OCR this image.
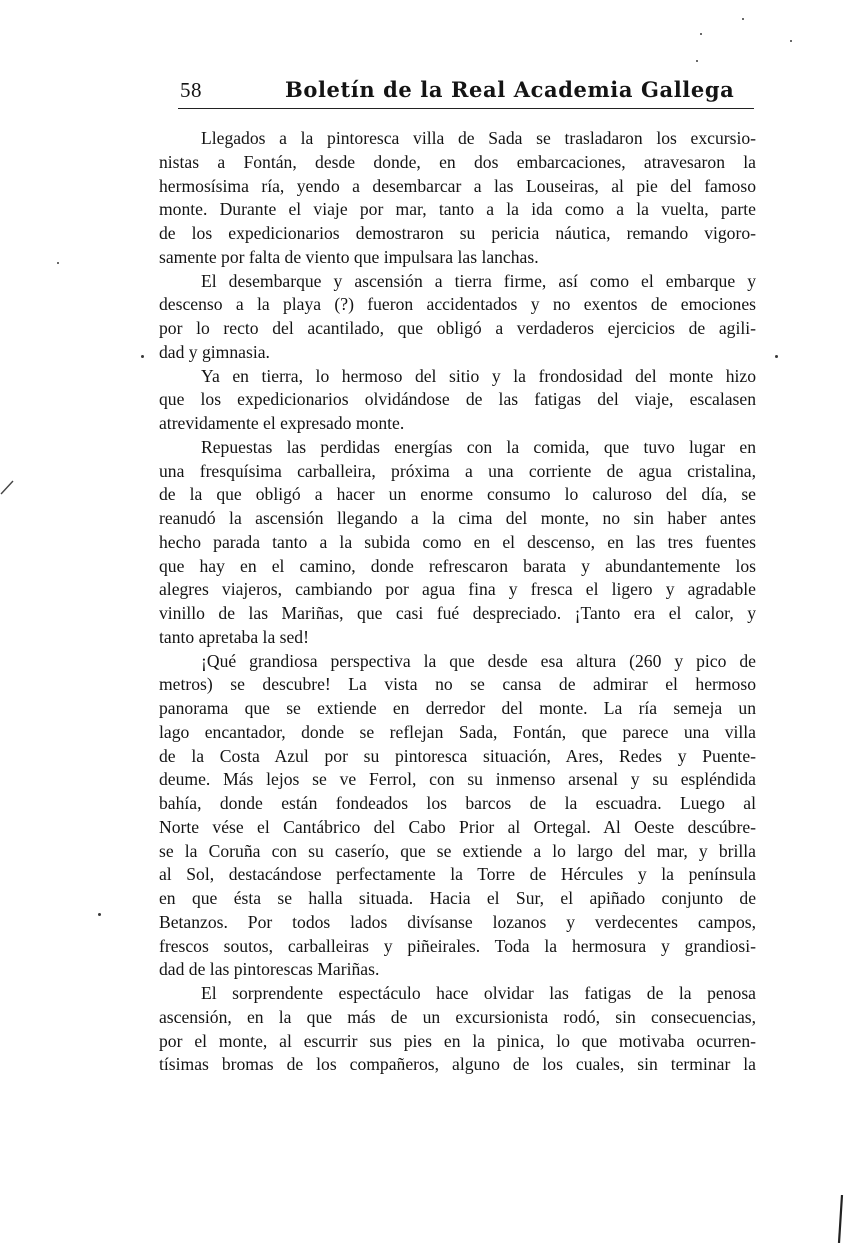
58	Boletín de la Real Academia Gallega
Llegados a la pintoresca villa de Sada se trasladaron los excursio-
nistas a Fontán, desde donde, en dos embarcaciones, atravesaron la
hermosísima ría, yendo a desembarcar a las Louseiras, al pie del famoso
monte. Durante el viaje por mar, tanto a la ida como a la vuelta, parte
de los expedicionarios demostraron su pericia náutica, remando vigoro-
samente por falta de viento que impulsara las lanchas.
El desembarque y ascensión a tierra firme, así como el embarque y
descenso a la playa (?) fueron accidentados y no exentos de emociones
por lo recto del acantilado, que obligó a verdaderos ejercicios de agili-
dad y gimnasia.
Ya en tierra, lo hermoso del sitio y la frondosidad del monte hizo
que los expedicionarios olvidándose de las fatigas del viaje, escalasen
atrevidamente el expresado monte.
Repuestas las perdidas energías con la comida, que tuvo lugar en
una fresquísima carballeira, próxima a una corriente de agua cristalina,
de la que obligó a hacer un enorme consumo lo caluroso del día, se
reanudó la ascensión llegando a la cima del monte, no sin haber antes
hecho parada tanto a la subida como en el descenso, en las tres fuentes
que hay en el camino, donde refrescaron barata y abundantemente los
alegres viajeros, cambiando por agua fina y fresca el ligero y agradable
vinillo de las Mariñas, que casi fué despreciado. ¡Tanto era el calor, y
tanto apretaba la sed!
¡Qué grandiosa perspectiva la que desde esa altura (260 y pico de
metros) se descubre! La vista no se cansa de admirar el hermoso
panorama que se extiende en derredor del monte. La ría semeja un
lago encantador, donde se reflejan Sada, Fontán, que parece una villa
de la Costa Azul por su pintoresca situación, Ares, Redes y Puente-
deume. Más lejos se ve Ferrol, con su inmenso arsenal y su espléndida
bahía, donde están fondeados los barcos de la escuadra. Luego al
Norte vése el Cantábrico del Cabo Prior al Ortegal. Al Oeste descúbre-
se la Coruña con su caserío, que se extiende a lo largo del mar, y brilla
al Sol, destacándose perfectamente la Torre de Hércules y la península
en que ésta se halla situada. Hacia el Sur, el apiñado conjunto de
Betanzos. Por todos lados divísanse lozanos y verdecentes campos,
frescos soutos, carballeiras y piñeirales. Toda la hermosura y grandiosi-
dad de las pintorescas Mariñas.
El sorprendente espectáculo hace olvidar las fatigas de la penosa
ascensión, en la que más de un excursionista rodó, sin consecuencias,
por el monte, al escurrir sus pies en la pinica, lo que motivaba ocurren-
tísimas bromas de los compañeros, alguno de los cuales, sin terminar la
